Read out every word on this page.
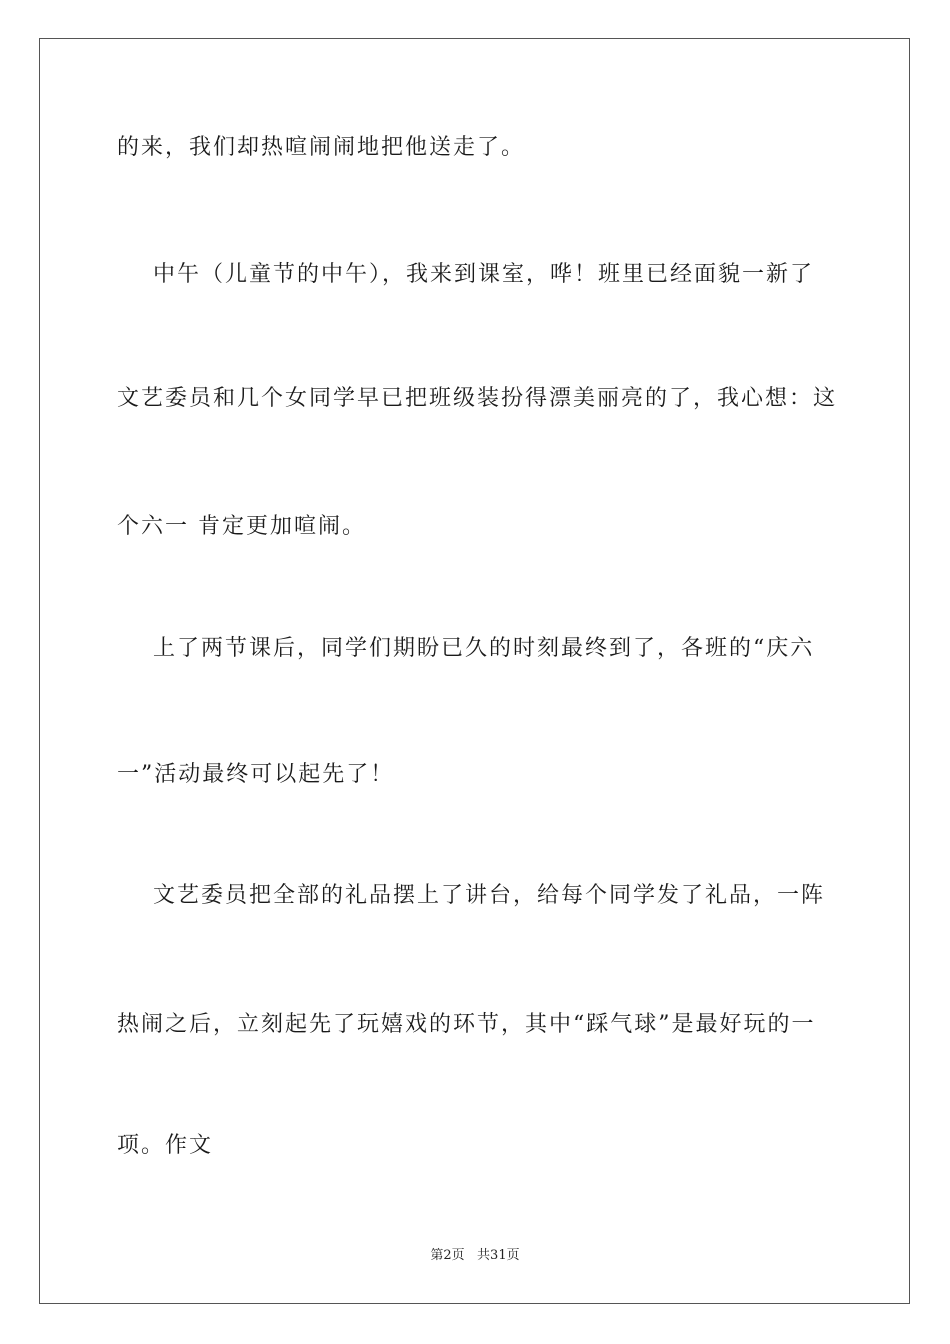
的来，我们却热喧闹闹地把他送走了。
中午（儿童节的中午），我来到课室，哗！班里已经面貌一新了
文艺委员和几个女同学早已把班级装扮得漂美丽亮的了，我心想：这
个六一 肯定更加喧闹。
上了两节课后，同学们期盼已久的时刻最终到了，各班的“庆六
一”活动最终可以起先了！
文艺委员把全部的礼品摆上了讲台，给每个同学发了礼品，一阵
热闹之后，立刻起先了玩嬉戏的环节，其中“踩气球”是最好玩的一
项。作文
第2页   共31页
